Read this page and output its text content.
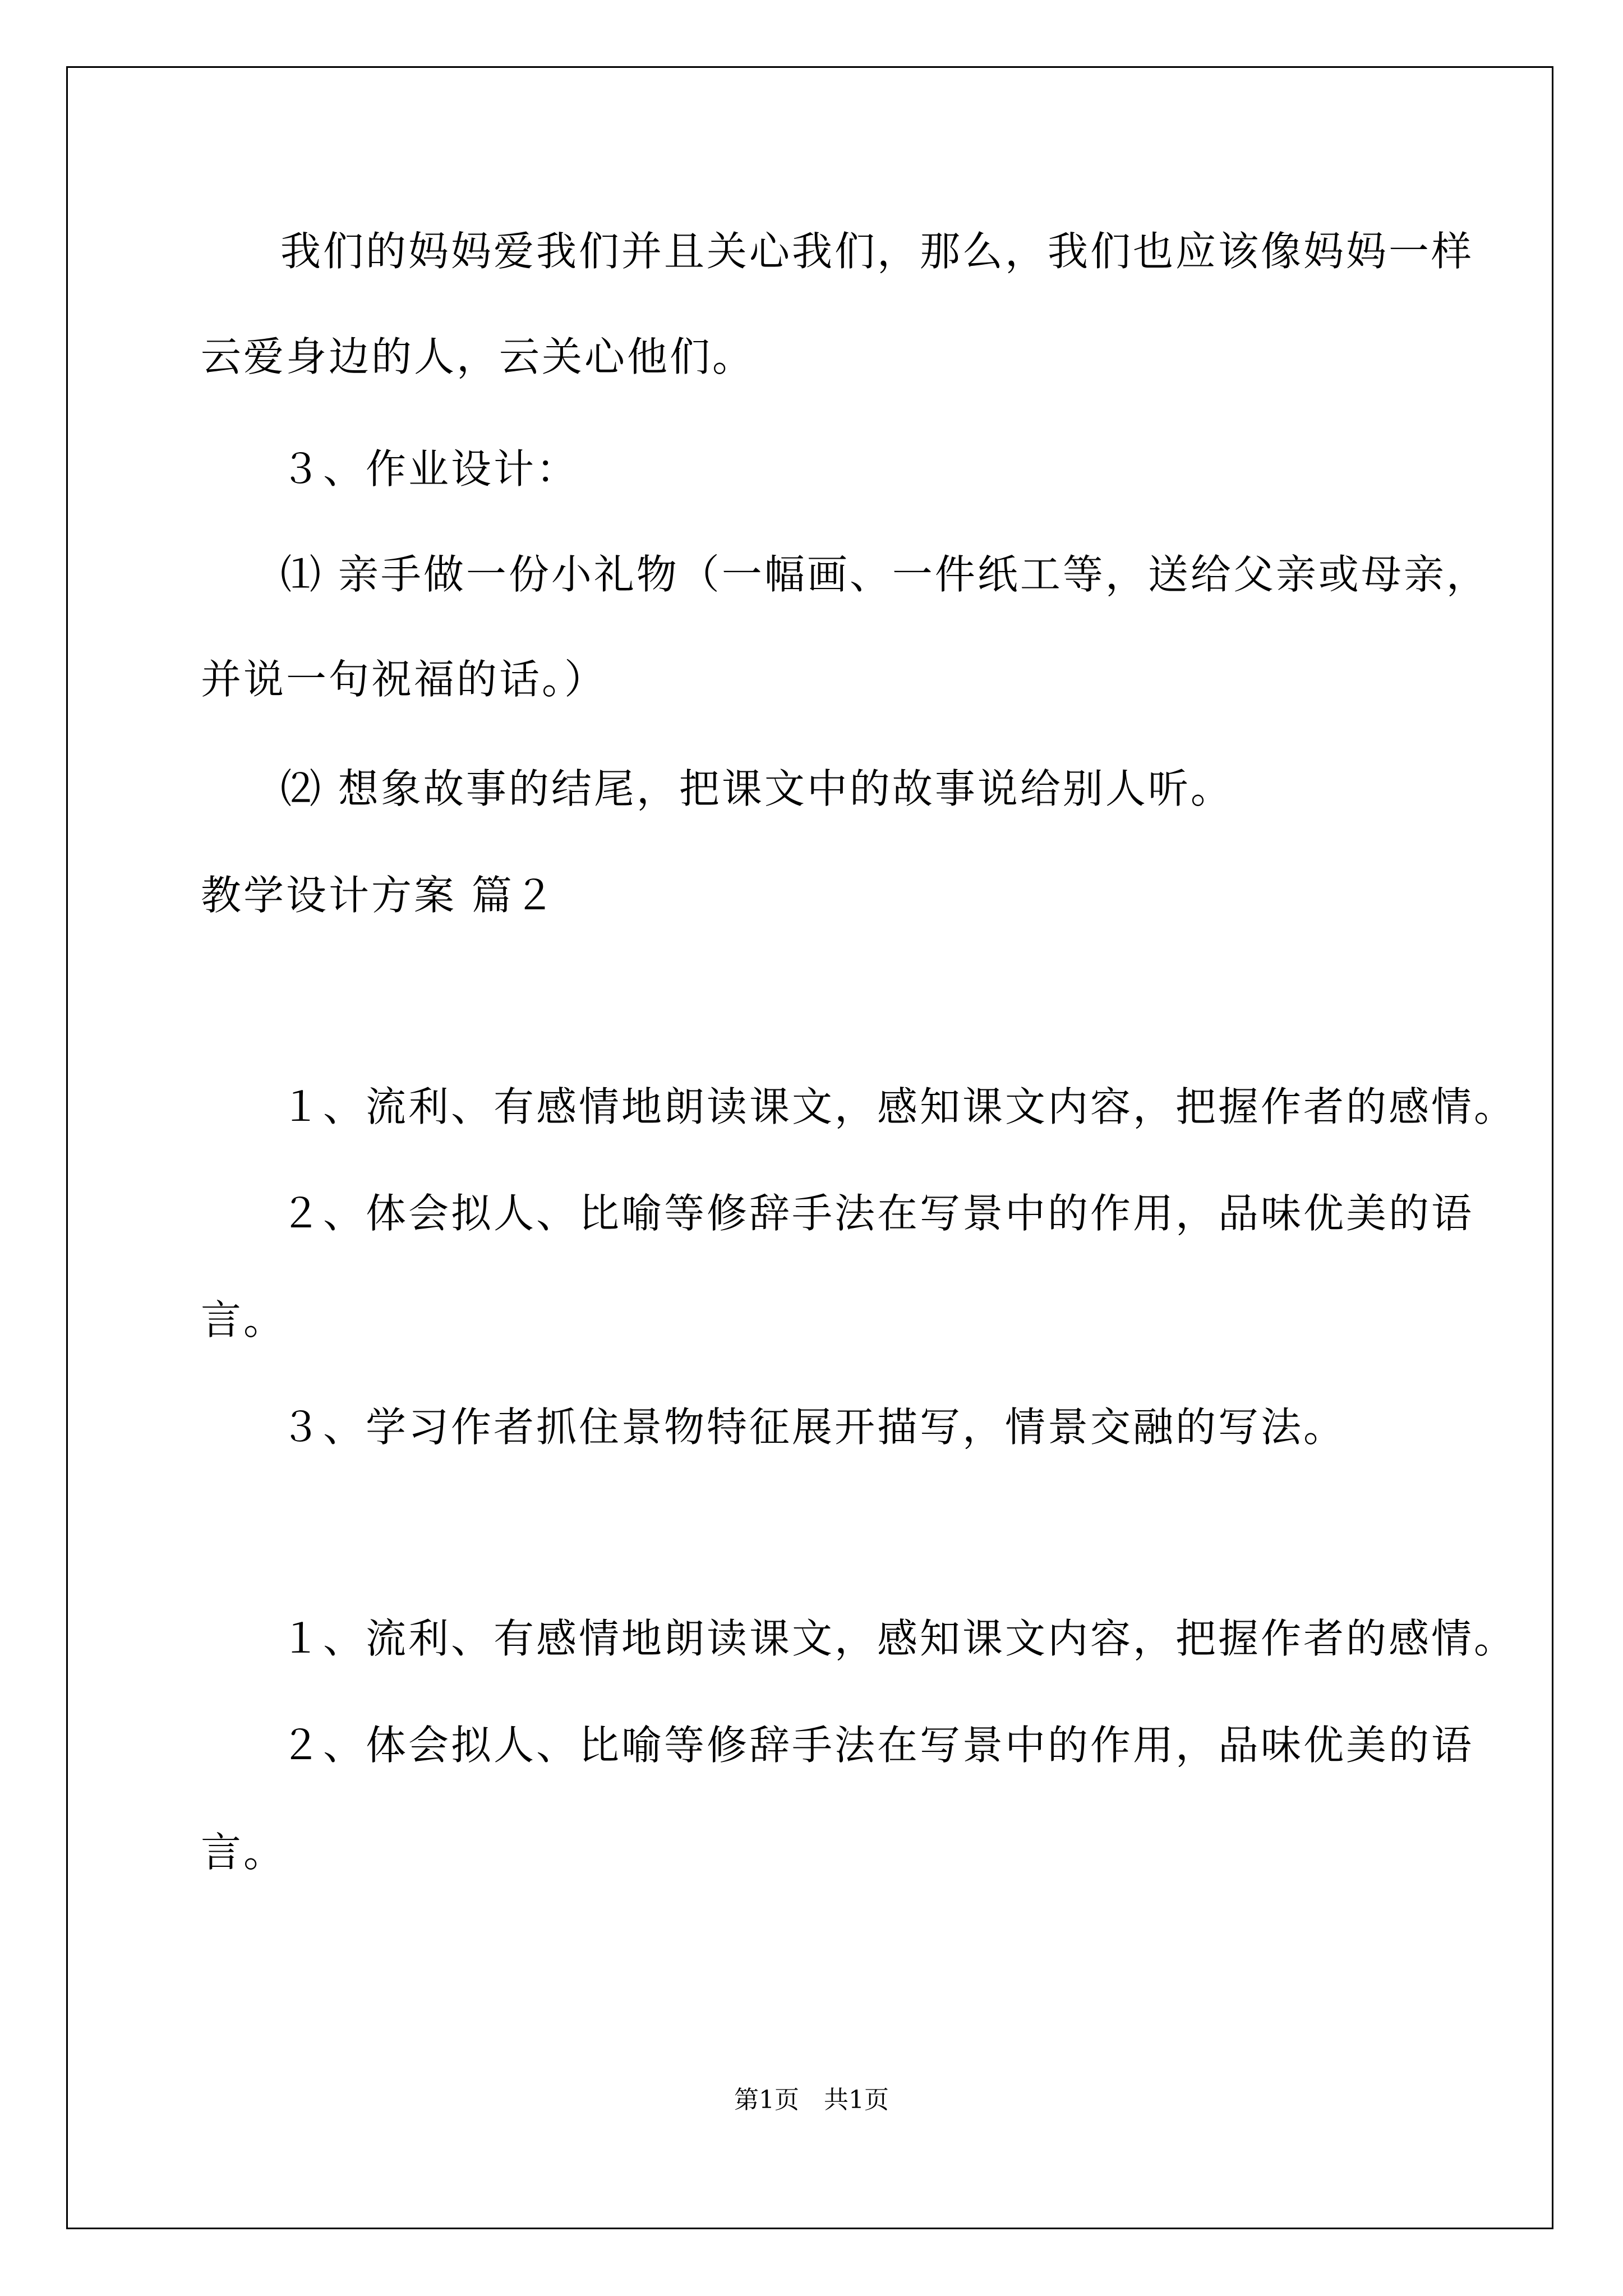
我们的妈妈爱我们并且关心我们，那么，我们也应该像妈妈一样
云爱身边的人，云关心他们。
３、作业设计：
⑴ 亲手做一份小礼物（一幅画、一件纸工等，送给父亲或母亲，
并说一句祝福的话。）
⑵ 想象故事的结尾，把课文中的故事说给别人听。
教学设计方案 篇２
１、流利、有感情地朗读课文，感知课文内容，把握作者的感情。
２、体会拟人、比喻等修辞手法在写景中的作用，品味优美的语
言。
３、学习作者抓住景物特征展开描写，情景交融的写法。
１、流利、有感情地朗读课文，感知课文内容，把握作者的感情。
２、体会拟人、比喻等修辞手法在写景中的作用，品味优美的语
言。
第1页　共1页
